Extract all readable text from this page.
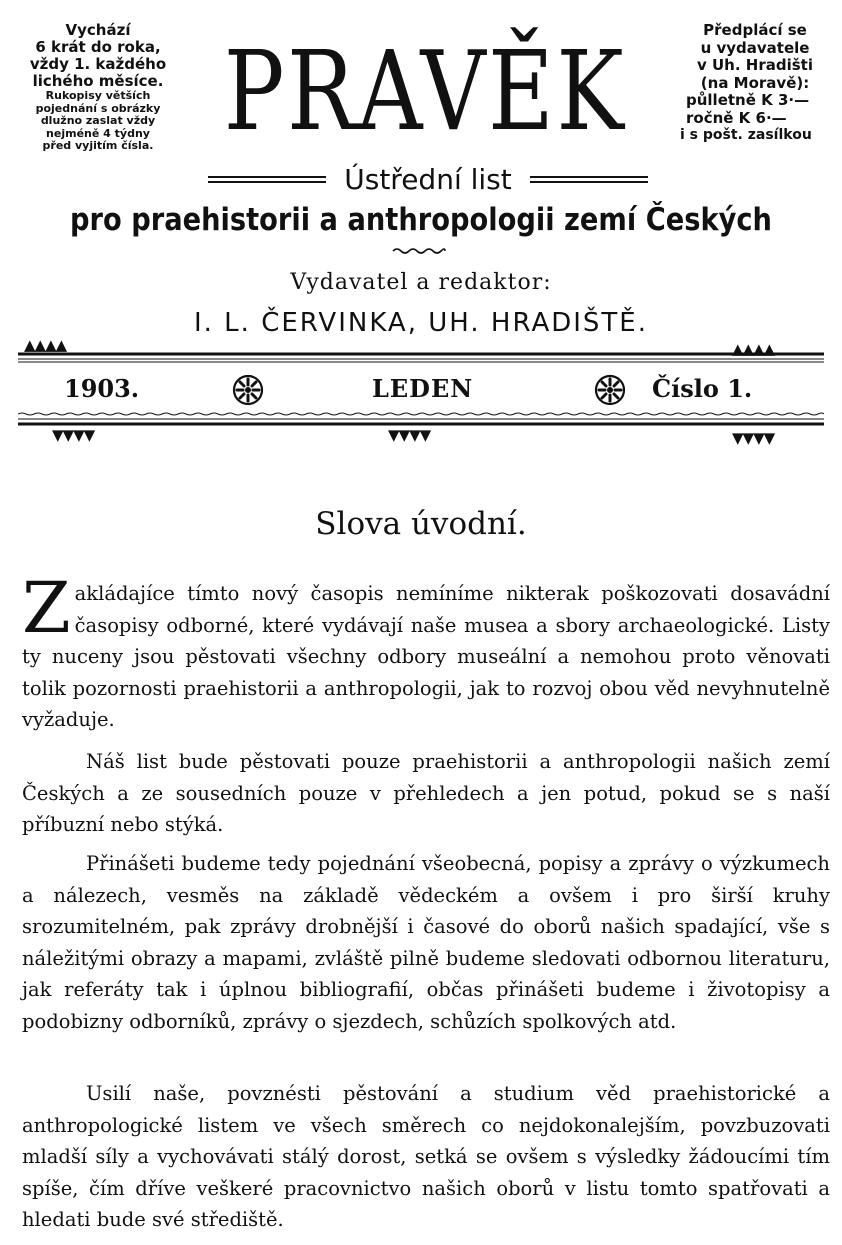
Vychází

6 krát do roka,

vždy 1. každého

lichého měsíce.

Rukopisy větších

pojednání s obrázky

dlužno zaslat vždy

nejméně 4 týdny

před vyjitím čísla. PRAVĚK
Ústřední list

Předplácí se

u vydavatele

v Uh. Hradišti

(na Moravě):

půlletně K 3·—

ročně K 6·—

i s pošt. zasílkou

pro praehistorii a anthropologii zemí Českých
Vydavatel a redaktor:
I. L. ČERVINKA, UH. HRADIŠTĚ.
▲▲▲▲	▲▲▲▲
1903.	LEDEN	Číslo 1.
▼▼▼▼	▼▼▼▼	▼▼▼▼
Slova úvodní.
Zakládajíce tímto nový časopis nemíníme nikterak poškozovati dosavádní časopisy odborné, které vydávají naše musea a sbory archaeologické. Listy ty nuceny jsou pěstovati všechny odbory museální a nemohou proto věnovati tolik pozornosti praehistorii a anthropologii, jak to rozvoj obou věd nevyhnutelně vyžaduje.
Náš list bude pěstovati pouze praehistorii a anthropologii našich zemí Českých a ze sousedních pouze v přehledech a jen potud, pokud se s naší příbuzní nebo stýká.
Přinášeti budeme tedy pojednání všeobecná, popisy a zprávy o výzkumech a nálezech, vesměs na základě vědeckém a ovšem i pro širší kruhy srozumitelném, pak zprávy drobnější i časové do oborů našich spadající, vše s náležitými obrazy a mapami, zvláště pilně budeme sledovati odbornou literaturu, jak referáty tak i úplnou bibliografií, občas přinášeti budeme i životopisy a podobizny odborníků, zprávy o sjezdech, schůzích spolkových atd.
Usilí naše, povznésti pěstování a studium věd praehistorické a anthropologické listem ve všech směrech co nejdokonalejším, povzbuzovati mladší síly a vychovávati stálý dorost, setká se ovšem s výsledky žádoucími tím spíše, čím dříve veškeré pracovnictvo našich oborů v listu tomto spatřovati a hledati bude své střediště.
